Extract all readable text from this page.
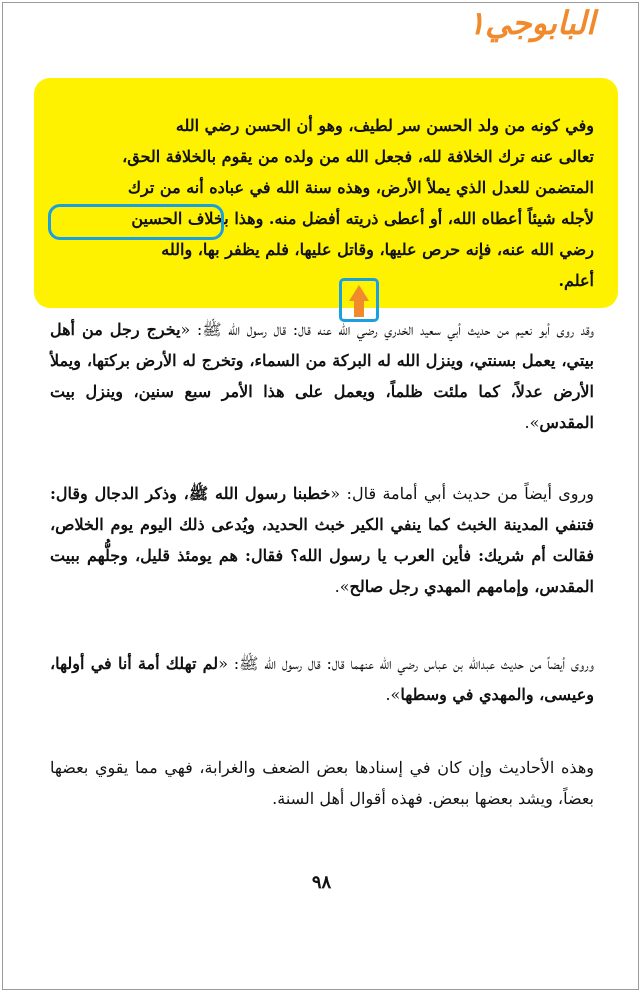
البابوجي١
وفي كونه من ولد الحسن سر لطيف، وهو أن الحسن رضي الله
تعالى عنه ترك الخلافة لله، فجعل الله من ولده من يقوم بالخلافة الحق،
المتضمن للعدل الذي يملأ الأرض، وهذه سنة الله في عباده أنه من ترك
لأجله شيئاً أعطاه الله، أو أعطى ذريته أفضل منه. وهذا بخلاف الحسين
رضي الله عنه، فإنه حرص عليها، وقاتل عليها، فلم يظفر بها، والله
أعلم.
وقد روى أبو نعيم من حديث أبي سعيد الخدري رضي الله عنه قال: قال رسول الله ﷺ: «يخرج رجل من أهل بيتي، يعمل بسنتي، وينزل الله له البركة من السماء، وتخرج له الأرض بركتها، ويملأ الأرض عدلاً، كما ملئت ظلماً، ويعمل على هذا الأمر سبع سنين، وينزل بيت المقدس».
وروى أيضاً من حديث أبي أمامة قال: «خطبنا رسول الله ﷺ، وذكر الدجال وقال: فتنفي المدينة الخبث كما ينفي الكير خبث الحديد، ويُدعى ذلك اليوم يوم الخلاص، فقالت أم شريك: فأين العرب يا رسول الله؟ فقال: هم يومئذ قليل، وجلُّهم ببيت المقدس، وإمامهم المهدي رجل صالح».
وروى أيضاً من حديث عبدالله بن عباس رضي الله عنهما قال: قال رسول الله ﷺ: «لم تهلك أمة أنا في أولها، وعيسى، والمهدي في وسطها».
وهذه الأحاديث وإن كان في إسنادها بعض الضعف والغرابة، فهي مما يقوي بعضها بعضاً، ويشد بعضها ببعض. فهذه أقوال أهل السنة.
٩٨
